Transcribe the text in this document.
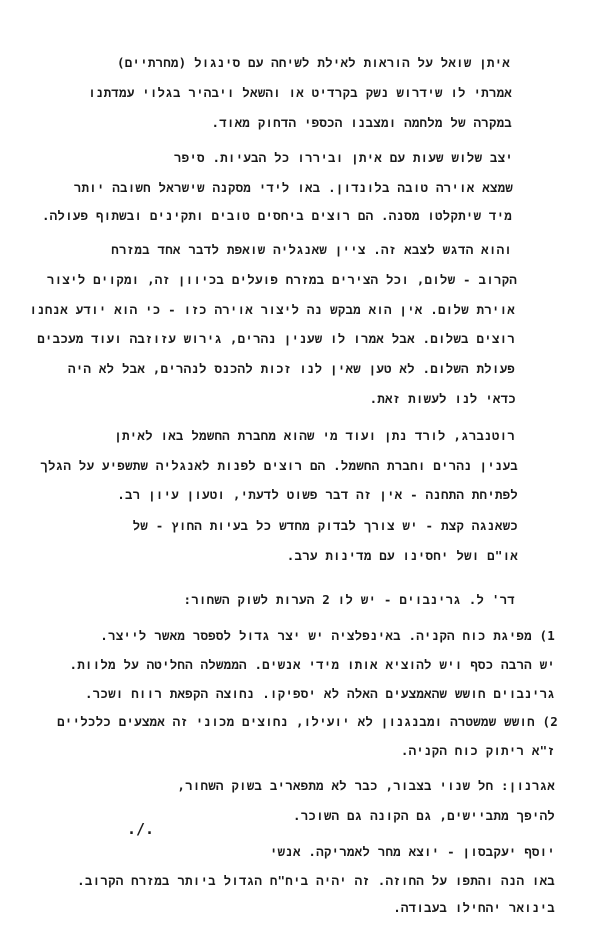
איתן שואל על הוראות לאילת לשיחה עם סינגול (מחרתיים)
אמרתי לו שידרוש נשק בקרדיט או והשאל ויבהיר בגלוי עמדתנו
במקרה של מלחמה ומצבנו הכספי הדחוק מאוד.
יצב שלוש שעות עם איתן וביררו כל הבעיות. סיפר
שמצא אוירה טובה בלונדון. באו לידי מסקנה שישראל חשובה יותר
מיד שיתקלטו מסנה. הם רוצים ביחסים טובים ותקינים ובשתוף פעולה.
והוא הדגש לצבא זה. ציין שאנגליה שואפת לדבר אחד במזרח
הקרוב - שלום, וכל הצירים במזרח פועלים בכיוון זה, ומקוים ליצור
אוירת שלום. אין הוא מבקש נה ליצור אוירה כזו - כי הוא יודע אנחנו
רוצים בשלום. אבל אמרו לו שענין נהרים, גירוש עזוזבה ועוד מעכבים
פעולת השלום. לא טען שאין לנו זכות להכנס לנהרים, אבל לא היה
כדאי לנו לעשות זאת.
רוטנברג, לורד נתן ועוד מי שהוא מחברת החשמל באו לאיתן
בענין נהרים וחברת החשמל. הם רוצים לפנות לאנגליה שתשפיע על הגלך
לפתיחת התחנה - אין זה דבר פשוט לדעתי, וטעון עיון רב.
כשאנגה קצת - יש צורך לבדוק מחדש כל בעיות החוץ - של
או"ם ושל יחסינו עם מדינות ערב.
דר' ל. גרינבוים - יש לו 2 הערות לשוק השחור:
1) מפיגת כוח הקניה. באינפלציה יש יצר גדול לספסר מאשר לייצר.
יש הרבה כסף ויש להוציא אותו מידי אנשים. הממשלה החליטה על מלוות.
גרינבוים חושש שהאמצעים האלה לא יספיקו. נחוצה הקפאת רווח ושכר.
2) חושש שמשטרה ומבנגנון לא יועילו, נחוצים מכוני זה אמצעים כלכליים
ז"א ריתוק כוח הקניה.
אגרנון: חל שנוי בצבור, כבר לא מתפאריב בשוק השחור,
להיפך מתביישים, גם הקונה גם השוכר.
יוסף יעקבסון - יוצא מחר לאמריקה. אנשי
באו הנה והתפו על החוזה. זה יהיה ביח"ח הגדול ביותר במזרח הקרוב.
בינואר יהחילו בעבודה.
./.
